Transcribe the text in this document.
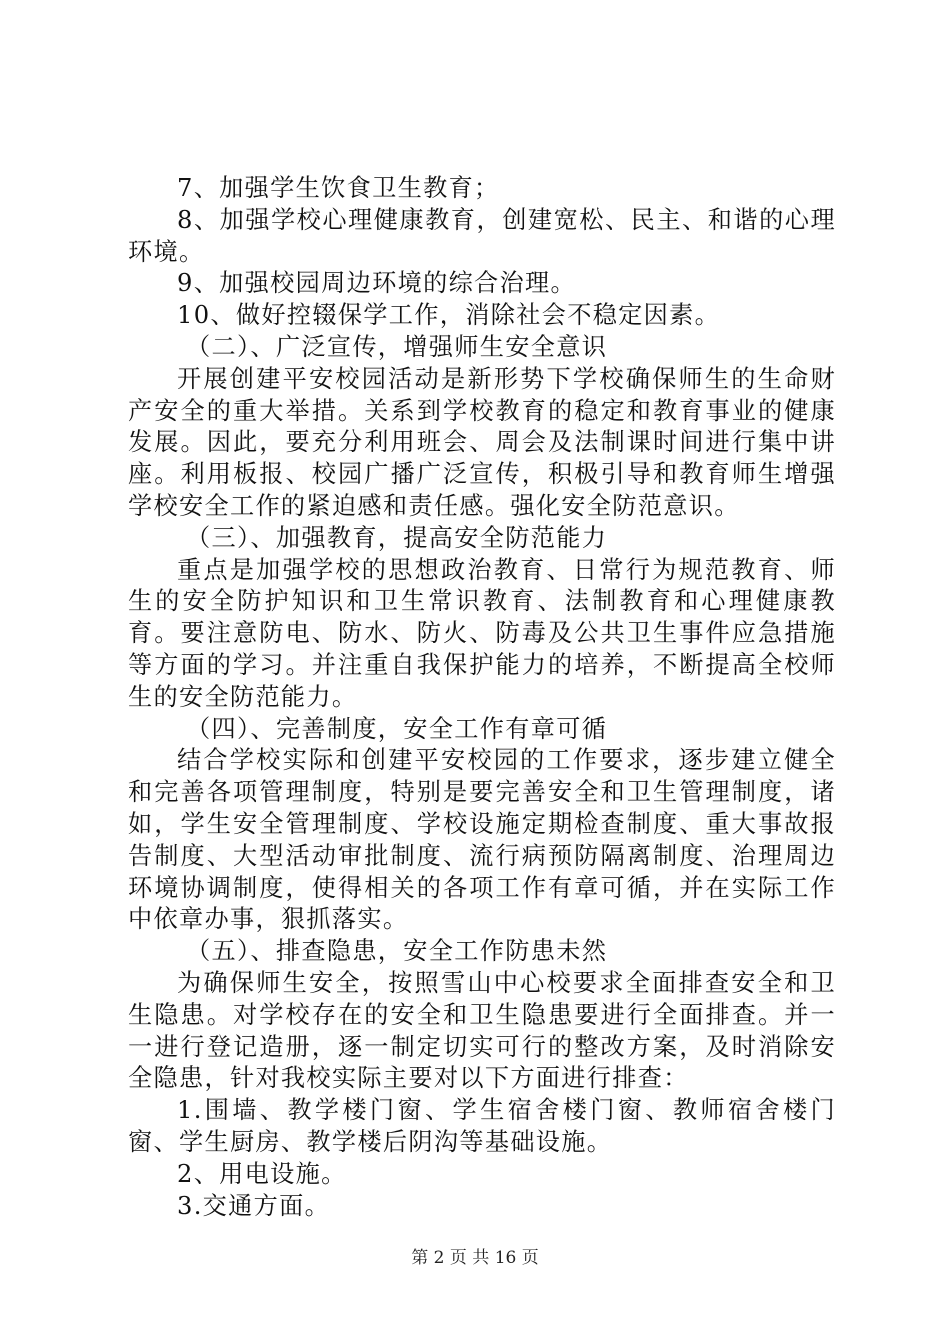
7、加强学生饮食卫生教育；

8、加强学校心理健康教育，创建宽松、民主、和谐的心理环境。

9、加强校园周边环境的综合治理。

10、做好控辍保学工作，消除社会不稳定因素。

（二）、广泛宣传，增强师生安全意识

开展创建平安校园活动是新形势下学校确保师生的生命财产安全的重大举措。关系到学校教育的稳定和教育事业的健康发展。因此，要充分利用班会、周会及法制课时间进行集中讲座。利用板报、校园广播广泛宣传，积极引导和教育师生增强学校安全工作的紧迫感和责任感。强化安全防范意识。

（三）、加强教育，提高安全防范能力

重点是加强学校的思想政治教育、日常行为规范教育、师生的安全防护知识和卫生常识教育、法制教育和心理健康教育。要注意防电、防水、防火、防毒及公共卫生事件应急措施等方面的学习。并注重自我保护能力的培养，不断提高全校师生的安全防范能力。

（四）、完善制度，安全工作有章可循

结合学校实际和创建平安校园的工作要求，逐步建立健全和完善各项管理制度，特别是要完善安全和卫生管理制度，诸如，学生安全管理制度、学校设施定期检查制度、重大事故报告制度、大型活动审批制度、流行病预防隔离制度、治理周边环境协调制度，使得相关的各项工作有章可循，并在实际工作中依章办事，狠抓落实。

（五）、排查隐患，安全工作防患未然

为确保师生安全，按照雪山中心校要求全面排查安全和卫生隐患。对学校存在的安全和卫生隐患要进行全面排查。并一一进行登记造册，逐一制定切实可行的整改方案，及时消除安全隐患，针对我校实际主要对以下方面进行排查：

1.围墙、教学楼门窗、学生宿舍楼门窗、教师宿舍楼门窗、学生厨房、教学楼后阴沟等基础设施。

2、用电设施。

3.交通方面。

第 2 页 共 16 页
